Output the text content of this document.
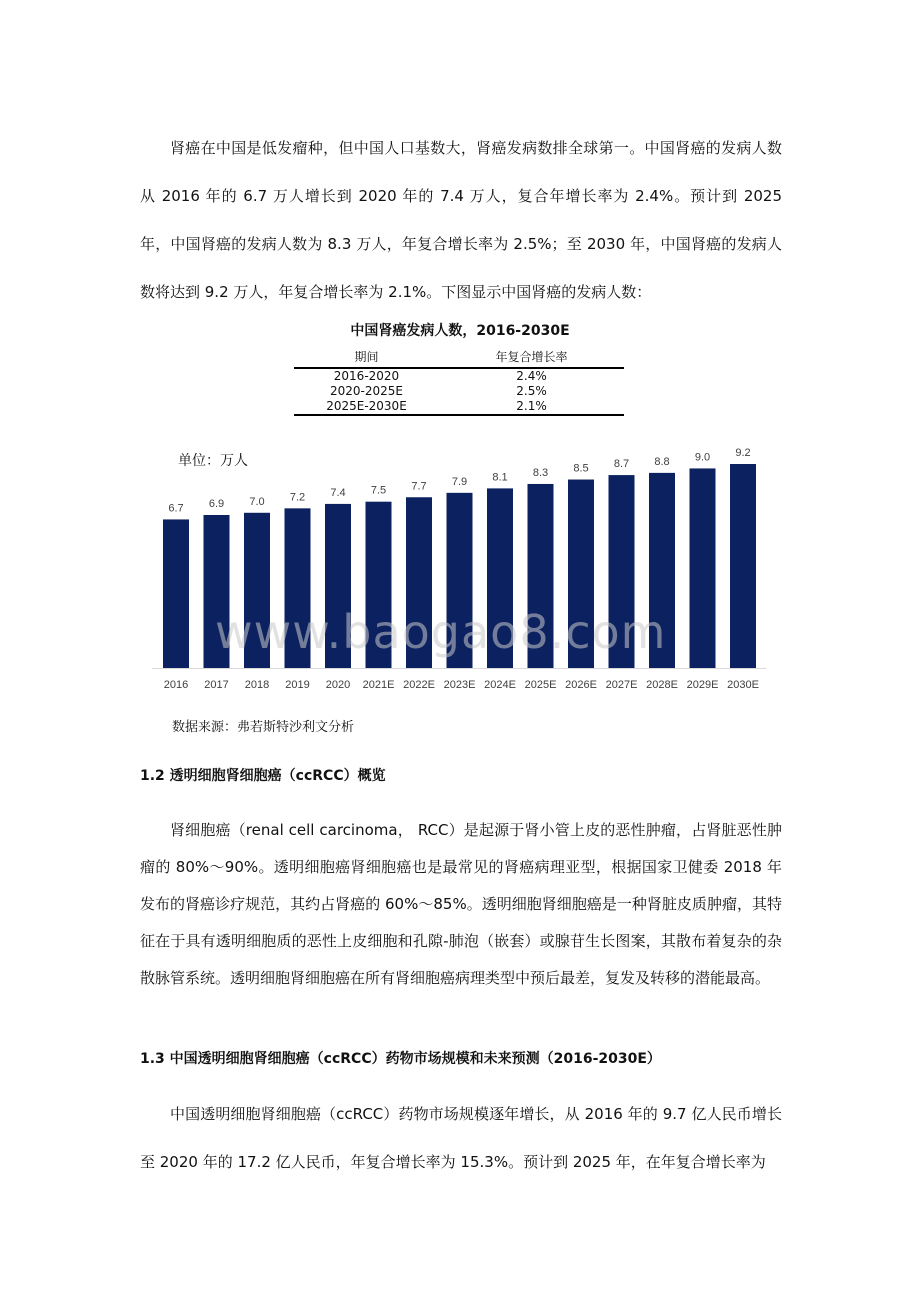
肾癌在中国是低发瘤种，但中国人口基数大，肾癌发病数排全球第一。中国肾癌的发病人数从 2016 年的 6.7 万人增长到 2020 年的 7.4 万人，复合年增长率为 2.4%。预计到 2025 年，中国肾癌的发病人数为 8.3 万人，年复合增长率为 2.5%；至 2030 年，中国肾癌的发病人数将达到 9.2 万人，年复合增长率为 2.1%。下图显示中国肾癌的发病人数：

中国肾癌发病人数，2016-2030E
期间	年复合增长率
2016-2020	2.4%
2020-2025E	2.5%
2025E-2030E	2.1%
单位：万人
6.7
2016
6.9
2017
7.0
2018
7.2
2019
7.4
2020
7.5
2021E
7.7
2022E
7.9
2023E
8.1
2024E
8.3
2025E
8.5
2026E
8.7
2027E
8.8
2028E
9.0
2029E
9.2
2030E
www.baogao8.com
数据来源：弗若斯特沙利文分析
1.2 透明细胞肾细胞癌（ccRCC）概览

肾细胞癌（renal cell carcinoma， RCC）是起源于肾小管上皮的恶性肿瘤，占肾脏恶性肿瘤的 80%～90%。透明细胞癌肾细胞癌也是最常见的肾癌病理亚型，根据国家卫健委 2018 年发布的肾癌诊疗规范，其约占肾癌的 60%～85%。透明细胞肾细胞癌是一种肾脏皮质肿瘤，其特征在于具有透明细胞质的恶性上皮细胞和孔隙-肺泡（嵌套）或腺苷生长图案，其散布着复杂的杂散脉管系统。透明细胞肾细胞癌在所有肾细胞癌病理类型中预后最差，复发及转移的潜能最高。

1.3 中国透明细胞肾细胞癌（ccRCC）药物市场规模和未来预测（2016-2030E）

中国透明细胞肾细胞癌（ccRCC）药物市场规模逐年增长，从 2016 年的 9.7 亿人民币增长至 2020 年的 17.2 亿人民币，年复合增长率为 15.3%。预计到 2025 年，在年复合增长率为
